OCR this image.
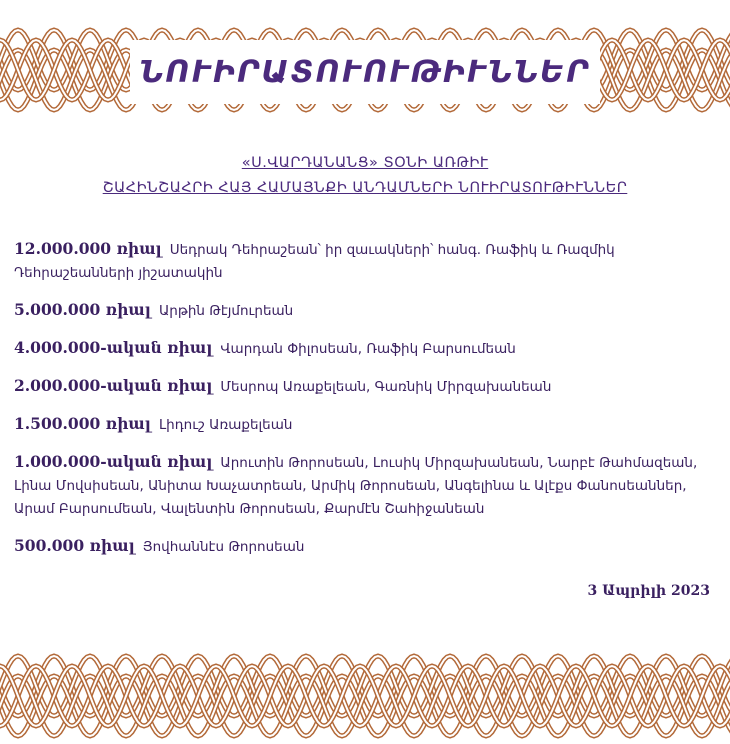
ՆՈՒԻՐԱՏՈՒՈՒԹԻՒՆՆԵՐ
«Ս.ՎԱՐԴԱՆԱՆՑ» ՏՕՆԻ ԱՌԹԻՒ
ՇԱՀԻՆՇԱՀՐԻ ՀԱՅ ՀԱՄԱՅՆՔԻ ԱՆԴԱՄՆԵՐԻ ՆՈՒԻՐԱՏՈՒԹԻՒՆՆԵՐ
12.000.000 ռիալ Սեդրակ Դեհրաշեան՝ իր զաւակների՝ հանգ. Ռաֆիկ և Ռազմիկ Դեհրաշեանների յիշատակին
5.000.000 ռիալ Արթին Թէյմուրեան
4.000.000-ական ռիալ Վարդան Փիլոսեան, Ռաֆիկ Բարսումեան
2.000.000-ական ռիալ Մեսրոպ Առաքելեան, Գառնիկ Միրզախանեան
1.500.000 ռիալ Լիդուշ Առաքելեան
1.000.000-ական ռիալ Արուտին Թորոսեան, Լուսիկ Միրզախանեան, Նարբէ Թահմազեան, Լինա Մովսիսեան, Անիտա Խաչատրեան, Արմիկ Թորոսեան, Անգելինա և Ալէքս Փանոսեաններ, Արամ Բարսումեան, Վալենտին Թորոսեան, Քարմէն Շահիջանեան
500.000 ռիալ Յովհաննէս Թորոսեան
3 Ապրիլի 2023
